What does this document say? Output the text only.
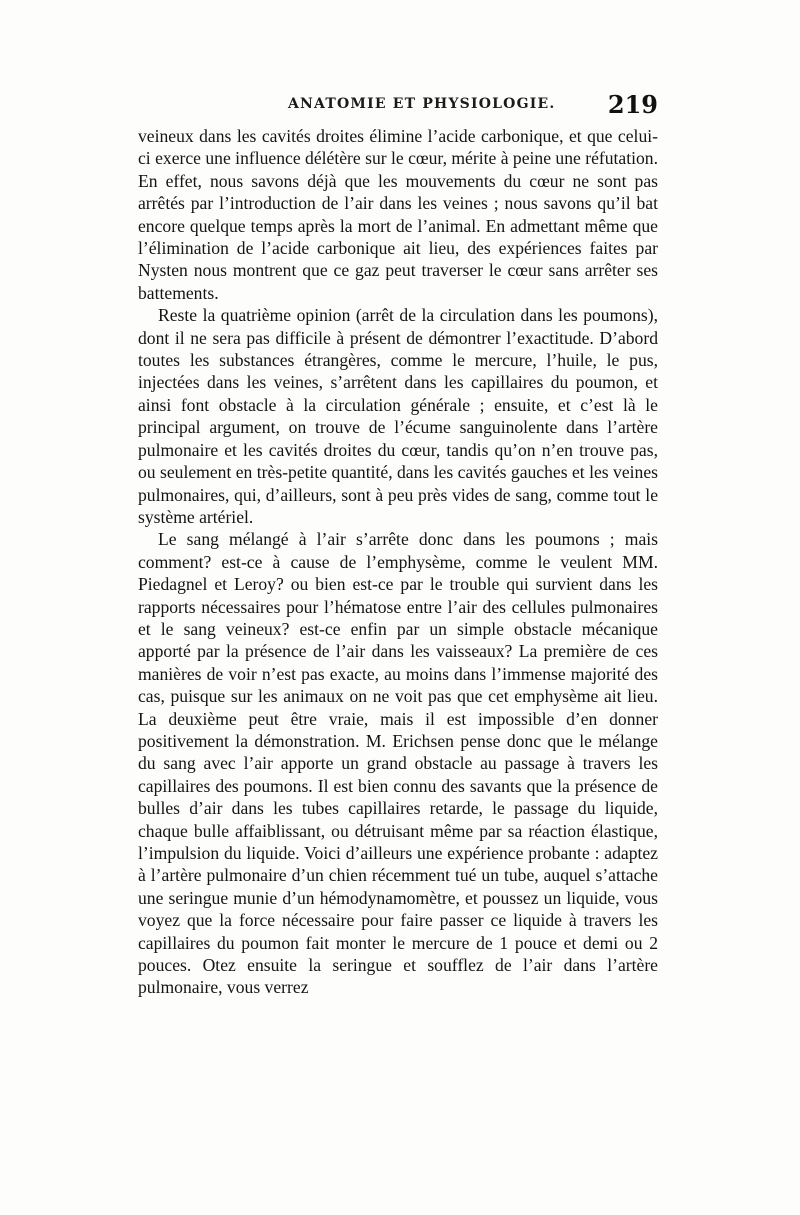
ANATOMIE ET PHYSIOLOGIE. 219

veineux dans les cavités droites élimine l’acide carbonique, et que celui-ci exerce une influence délétère sur le cœur, mérite à peine une réfutation. En effet, nous savons déjà que les mouvements du cœur ne sont pas arrêtés par l’introduction de l’air dans les veines ; nous savons qu’il bat encore quelque temps après la mort de l’animal. En admettant même que l’élimination de l’acide carbonique ait lieu, des expériences faites par Nysten nous montrent que ce gaz peut traverser le cœur sans arrêter ses battements.

Reste la quatrième opinion (arrêt de la circulation dans les poumons), dont il ne sera pas difficile à présent de démontrer l’exactitude. D’abord toutes les substances étrangères, comme le mercure, l’huile, le pus, injectées dans les veines, s’arrêtent dans les capillaires du poumon, et ainsi font obstacle à la circulation générale ; ensuite, et c’est là le principal argument, on trouve de l’écume sanguinolente dans l’artère pulmonaire et les cavités droites du cœur, tandis qu’on n’en trouve pas, ou seulement en très-petite quantité, dans les cavités gauches et les veines pulmonaires, qui, d’ailleurs, sont à peu près vides de sang, comme tout le système artériel.

Le sang mélangé à l’air s’arrête donc dans les poumons ; mais comment? est-ce à cause de l’emphysème, comme le veulent MM. Piedagnel et Leroy? ou bien est-ce par le trouble qui survient dans les rapports nécessaires pour l’hématose entre l’air des cellules pulmonaires et le sang veineux? est-ce enfin par un simple obstacle mécanique apporté par la présence de l’air dans les vaisseaux? La première de ces manières de voir n’est pas exacte, au moins dans l’immense majorité des cas, puisque sur les animaux on ne voit pas que cet emphysème ait lieu. La deuxième peut être vraie, mais il est impossible d’en donner positivement la démonstration. M. Erichsen pense donc que le mélange du sang avec l’air apporte un grand obstacle au passage à travers les capillaires des poumons. Il est bien connu des savants que la présence de bulles d’air dans les tubes capillaires retarde, le passage du liquide, chaque bulle affaiblissant, ou détruisant même par sa réaction élastique, l’impulsion du liquide. Voici d’ailleurs une expérience probante : adaptez à l’artère pulmonaire d’un chien récemment tué un tube, auquel s’attache une seringue munie d’un hémodynamomètre, et poussez un liquide, vous voyez que la force nécessaire pour faire passer ce liquide à travers les capillaires du poumon fait monter le mercure de 1 pouce et demi ou 2 pouces. Otez ensuite la seringue et soufflez de l’air dans l’artère pulmonaire, vous verrez
